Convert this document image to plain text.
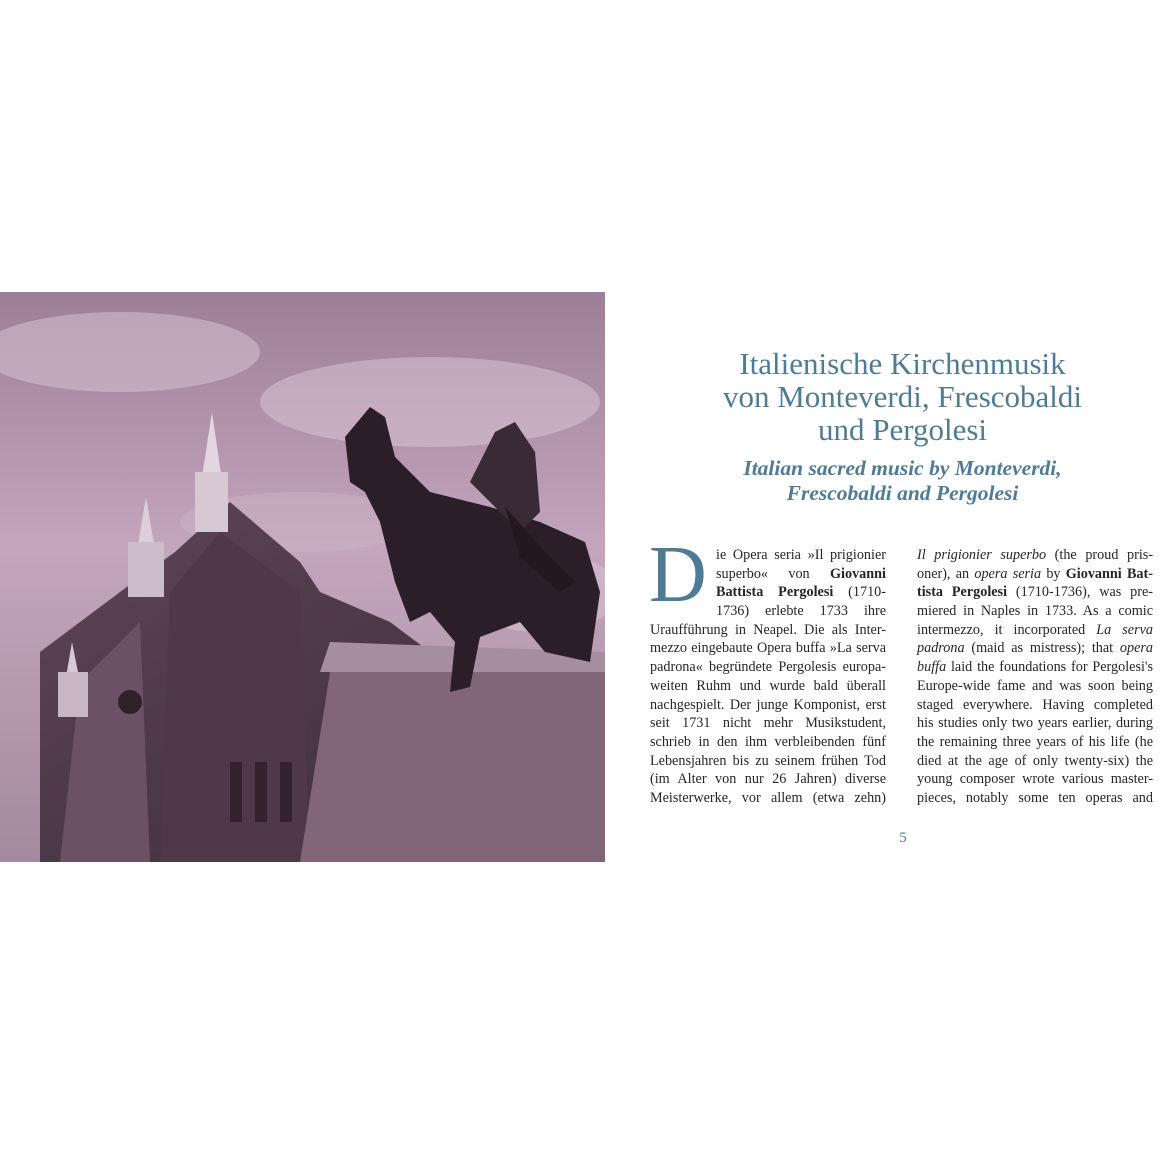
Italienische Kirchenmusik
von Monteverdi, Frescobaldi
und Pergolesi
Italian sacred music by Monteverdi,
Frescobaldi and Pergolesi
D ie Opera seria »Il prigionier
superbo« von Giovanni
Battista Pergolesi (1710-
1736) erlebte 1733 ihre
Uraufführung in Neapel. Die als Inter-
mezzo eingebaute Opera buffa »La serva
padrona« begründete Pergolesis europa-
weiten Ruhm und wurde bald überall
nachgespielt. Der junge Komponist, erst
seit 1731 nicht mehr Musikstudent,
schrieb in den ihm verbleibenden fünf
Lebensjahren bis zu seinem frühen Tod
(im Alter von nur 26 Jahren) diverse
Meisterwerke, vor allem (etwa zehn)
Il prigionier superbo (the proud pris-
oner), an opera seria by Giovanni Bat-
tista Pergolesi (1710-1736), was pre-
miered in Naples in 1733. As a comic
intermezzo, it incorporated La serva
padrona (maid as mistress); that opera
buffa laid the foundations for Pergolesi's
Europe-wide fame and was soon being
staged everywhere. Having completed
his studies only two years earlier, during
the remaining three years of his life (he
died at the age of only twenty-six) the
young composer wrote various master-
pieces, notably some ten operas and
5
